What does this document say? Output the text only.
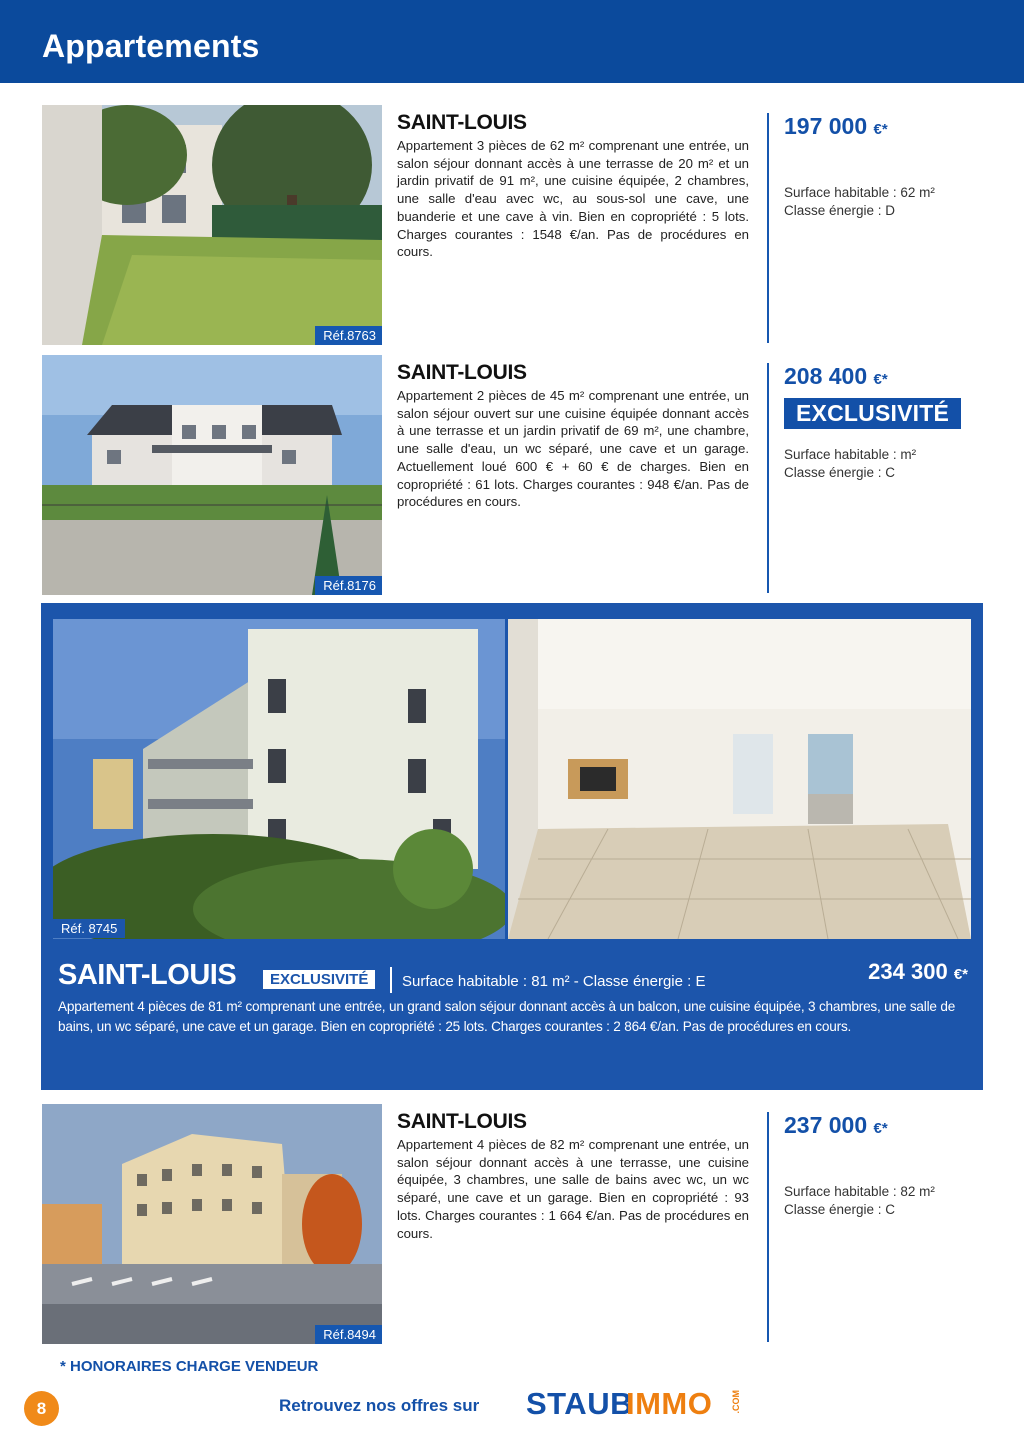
Appartements
Réf.8763
SAINT-LOUIS
Appartement 3 pièces de 62 m² comprenant une entrée, un salon séjour donnant accès à une terrasse de 20 m² et un jardin privatif de 91 m², une cuisine équipée, 2 chambres, une salle d'eau avec wc, au sous-sol une cave, une buanderie et une cave à vin. Bien en copropriété : 5 lots. Charges courantes : 1548 €/an. Pas de procédures en cours.
197 000 €*
Surface habitable : 62 m²
Classe énergie : D
Réf.8176
SAINT-LOUIS
Appartement 2 pièces de 45 m² comprenant une entrée, un salon séjour ouvert sur une cuisine équipée donnant accès à une terrasse et un jardin privatif de 69 m², une chambre, une salle d'eau, un wc séparé, une cave et un garage. Actuellement loué 600 € + 60 € de charges. Bien en copropriété : 61 lots. Charges courantes : 948 €/an. Pas de procédures en cours.
208 400 €*
EXCLUSIVITÉ
Surface habitable : m²
Classe énergie : C
Réf. 8745
SAINT-LOUIS	EXCLUSIVITÉ	Surface habitable : 81 m² - Classe énergie : E	234 300 €*
Appartement 4 pièces de 81 m² comprenant une entrée, un grand salon séjour donnant accès à un balcon, une cuisine équipée, 3 chambres, une salle de bains, un wc séparé, une cave et un garage. Bien en copropriété : 25 lots. Charges courantes : 2 864 €/an. Pas de procédures en cours.
Réf.8494
SAINT-LOUIS
Appartement 4 pièces de 82 m² comprenant une entrée, un salon séjour donnant accès à une terrasse, une cuisine équipée, 3 chambres, une salle de bains avec wc, un wc séparé, une cave et un garage. Bien en copropriété : 93 lots. Charges courantes : 1 664 €/an. Pas de procédures en cours.
237 000 €*
Surface habitable : 82 m²
Classe énergie : C
* HONORAIRES CHARGE VENDEUR
8	Retrouvez nos offres sur STAUB
IMMO .COM
